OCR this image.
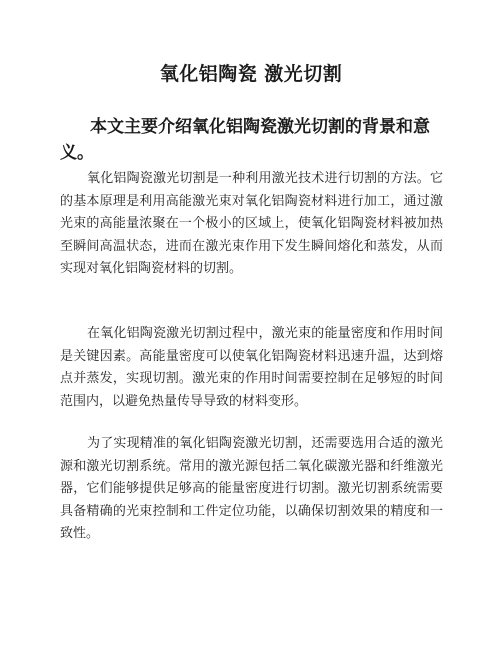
氧化铝陶瓷 激光切割
本文主要介绍氧化铝陶瓷激光切割的背景和意义。

氧化铝陶瓷激光切割是一种利用激光技术进行切割的方法。它的基本原理是利用高能激光束对氧化铝陶瓷材料进行加工，通过激光束的高能量浓聚在一个极小的区域上，使氧化铝陶瓷材料被加热至瞬间高温状态，进而在激光束作用下发生瞬间熔化和蒸发，从而实现对氧化铝陶瓷材料的切割。

在氧化铝陶瓷激光切割过程中，激光束的能量密度和作用时间是关键因素。高能量密度可以使氧化铝陶瓷材料迅速升温，达到熔点并蒸发，实现切割。激光束的作用时间需要控制在足够短的时间范围内，以避免热量传导导致的材料变形。

为了实现精准的氧化铝陶瓷激光切割，还需要选用合适的激光源和激光切割系统。常用的激光源包括二氧化碳激光器和纤维激光器，它们能够提供足够高的能量密度进行切割。激光切割系统需要具备精确的光束控制和工件定位功能，以确保切割效果的精度和一致性。
